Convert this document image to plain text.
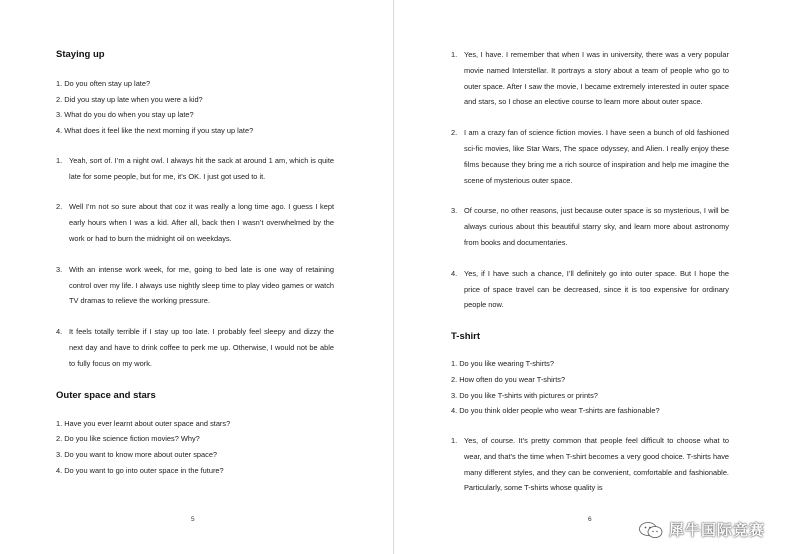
Staying up
1. Do you often stay up late?
2. Did you stay up late when you were a kid?
3. What do you do when you stay up late?
4. What does it feel like the next morning if you stay up late?
1. Yeah, sort of. I’m a night owl. I always hit the sack at around 1 am, which is quite late for some people, but for me, it’s OK. I just got used to it.
2. Well I’m not so sure about that coz it was really a long time ago. I guess I kept early hours when I was a kid. After all, back then I wasn’t overwhelmed by the work or had to burn the midnight oil on weekdays.
3. With an intense work week, for me, going to bed late is one way of retaining control over my life. I always use nightly sleep time to play video games or watch TV dramas to relieve the working pressure.
4. It feels totally terrible if I stay up too late. I probably feel sleepy and dizzy the next day and have to drink coffee to perk me up. Otherwise, I would not be able to fully focus on my work.
Outer space and stars
1. Have you ever learnt about outer space and stars?
2. Do you like science fiction movies? Why?
3. Do you want to know more about outer space?
4. Do you want to go into outer space in the future?
5
1. Yes, I have. I remember that when I was in university, there was a very popular movie named Interstellar. It portrays a story about a team of people who go to outer space. After I saw the movie, I became extremely interested in outer space and stars, so I chose an elective course to learn more about outer space.
2. I am a crazy fan of science fiction movies. I have seen a bunch of old fashioned sci-fic movies, like Star Wars, The space odyssey, and Alien. I really enjoy these films because they bring me a rich source of inspiration and help me imagine the scene of mysterious outer space.
3. Of course, no other reasons, just because outer space is so mysterious, I will be always curious about this beautiful starry sky, and learn more about astronomy from books and documentaries.
4. Yes, if I have such a chance, I’ll definitely go into outer space. But I hope the price of space travel can be decreased, since it is too expensive for ordinary people now.
T-shirt
1. Do you like wearing T-shirts?
2. How often do you wear T-shirts?
3. Do you like T-shirts with pictures or prints?
4. Do you think older people who wear T-shirts are fashionable?
1. Yes, of course. It’s pretty common that people feel difficult to choose what to wear, and that’s the time when T-shirt becomes a very good choice. T-shirts have many different styles, and they can be convenient, comfortable and fashionable. Particularly, some T-shirts whose quality is
6
犀牛国际竞赛
